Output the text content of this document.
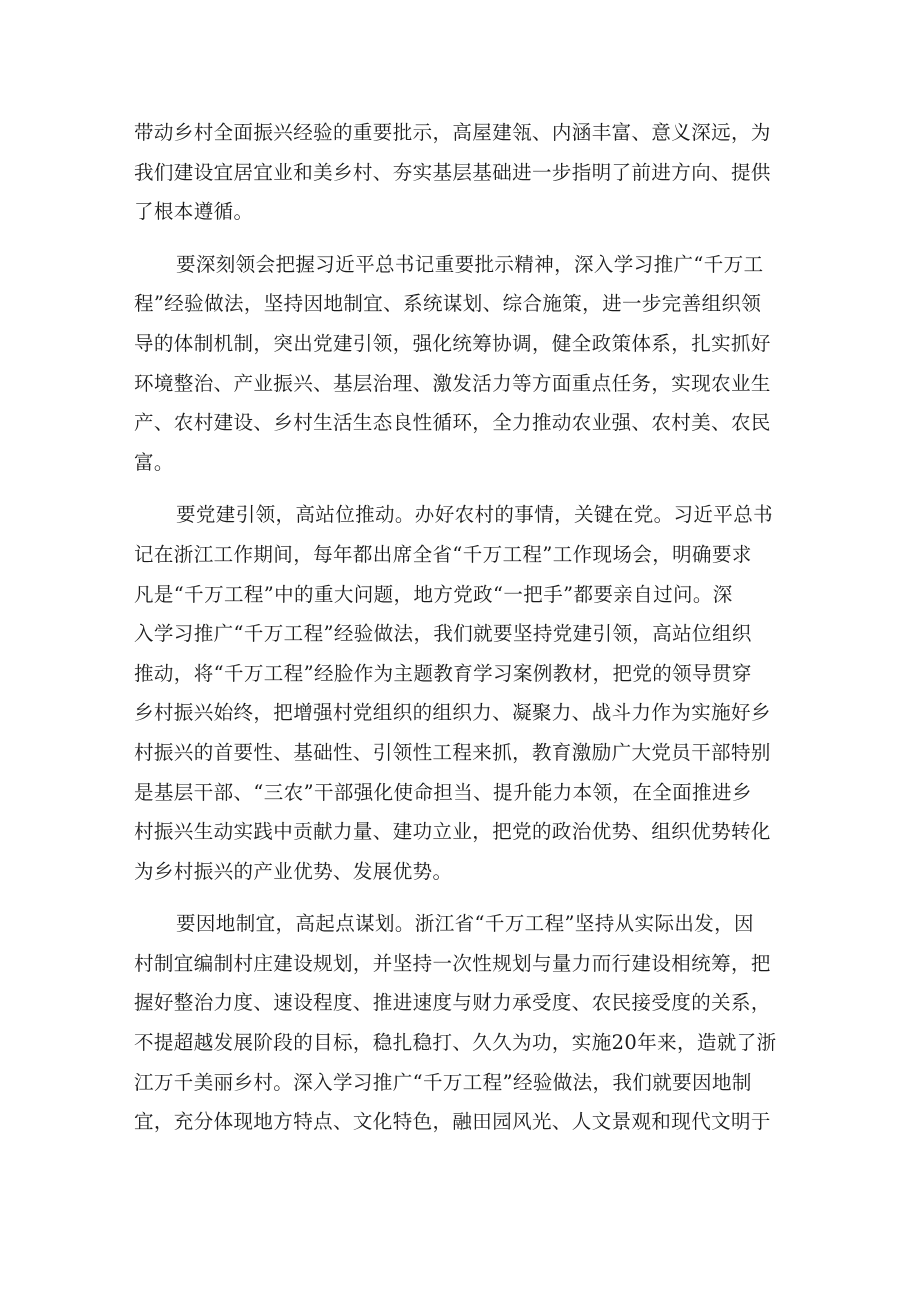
带动乡村全面振兴经验的重要批示，高屋建瓴、内涵丰富、意义深远，为
我们建设宜居宜业和美乡村、夯实基层基础进一步指明了前进方向、提供
了根本遵循。
要深刻领会把握习近平总书记重要批示精神，深入学习推广“千万工
程”经验做法，坚持因地制宜、系统谋划、综合施策，进一步完善组织领
导的体制机制，突出党建引领，强化统筹协调，健全政策体系，扎实抓好
环境整治、产业振兴、基层治理、激发活力等方面重点任务，实现农业生
产、农村建设、乡村生活生态良性循环，全力推动农业强、农村美、农民
富。
要党建引领，高站位推动。办好农村的事情，关键在党。习近平总书
记在浙江工作期间，每年都出席全省“千万工程”工作现场会，明确要求
凡是“千万工程”中的重大问题，地方党政“一把手”都要亲自过问。深
入学习推广“千万工程”经验做法，我们就要坚持党建引领，高站位组织
推动，将“千万工程”经脸作为主题教育学习案例教材，把党的领导贯穿
乡村振兴始终，把增强村党组织的组织力、凝聚力、战斗力作为实施好乡
村振兴的首要性、基础性、引领性工程来抓，教育激励广大党员干部特别
是基层干部、“三农”干部强化使命担当、提升能力本领，在全面推进乡
村振兴生动实践中贡献力量、建功立业，把党的政治优势、组织优势转化
为乡村振兴的产业优势、发展优势。
要因地制宜，高起点谋划。浙江省“千万工程”坚持从实际出发，因
村制宜编制村庄建设规划，并坚持一次性规划与量力而行建设相统筹，把
握好整治力度、速设程度、推进速度与财力承受度、农民接受度的关系，
不提超越发展阶段的目标，稳扎稳打、久久为功，实施20年来，造就了浙
江万千美丽乡村。深入学习推广“千万工程”经验做法，我们就要因地制
宜，充分体现地方特点、文化特色，融田园风光、人文景观和现代文明于
